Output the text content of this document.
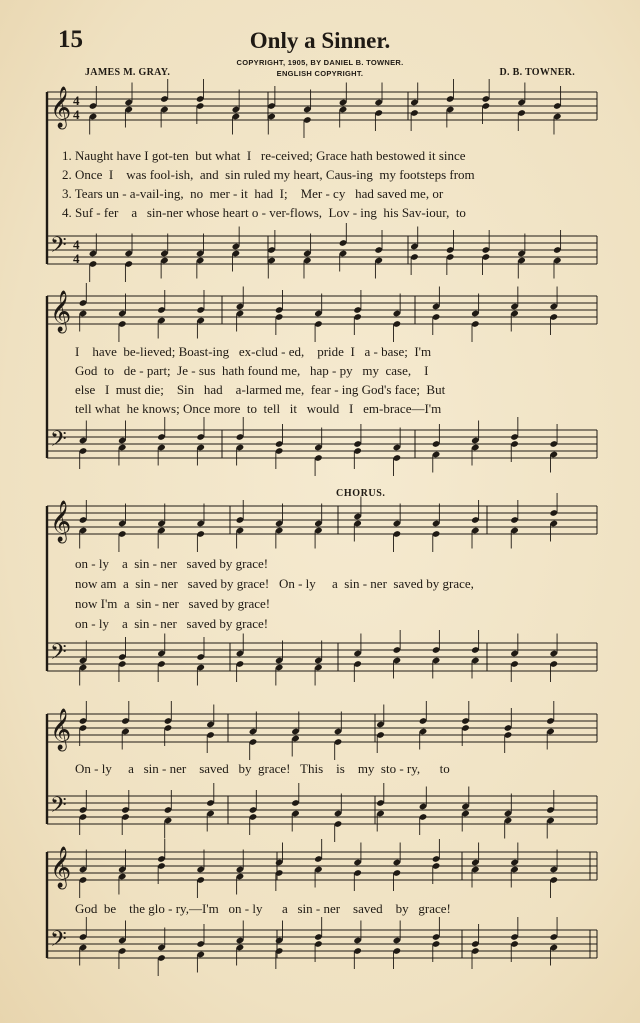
15	Only a Sinner.
COPYRIGHT, 1905, BY DANIEL B. TOWNER.
ENGLISH COPYRIGHT.
JAMES M. GRAY.	D. B. TOWNER.
CHORUS.
𝄞
𝄢
4
4
4
4
𝄞
𝄢
𝄞
𝄢
𝄞
𝄢
𝄞
𝄢
1. Naught have I got-ten  but what  I   re-ceived; Grace hath bestowed it since
2. Once  I    was fool-ish,  and  sin ruled my heart, Caus-ing  my footsteps from
3. Tears un - a-vail-ing,  no  mer - it  had  I;    Mer - cy   had saved me, or
4. Suf - fer    a   sin-ner whose heart o - ver-flows,  Lov - ing  his Sav-iour,  to
I    have  be-lieved; Boast-ing   ex-clud - ed,    pride  I   a - base;  I'm
God  to   de - part;  Je - sus  hath found me,   hap - py   my  case,    I
else   I  must die;    Sin   had    a-larmed me,  fear - ing God's face;  But
tell what  he knows; Once more  to  tell   it   would   I   em-brace—I'm
on - ly    a  sin - ner   saved by grace!
now am  a  sin - ner   saved by grace!   On - ly     a  sin - ner  saved by grace,
now I'm  a  sin - ner   saved by grace!
on - ly    a  sin - ner   saved by grace!
On - ly     a   sin - ner    saved   by  grace!   This    is    my  sto - ry,      to
God  be    the glo - ry,—I'm   on - ly      a   sin - ner    saved    by   grace!
